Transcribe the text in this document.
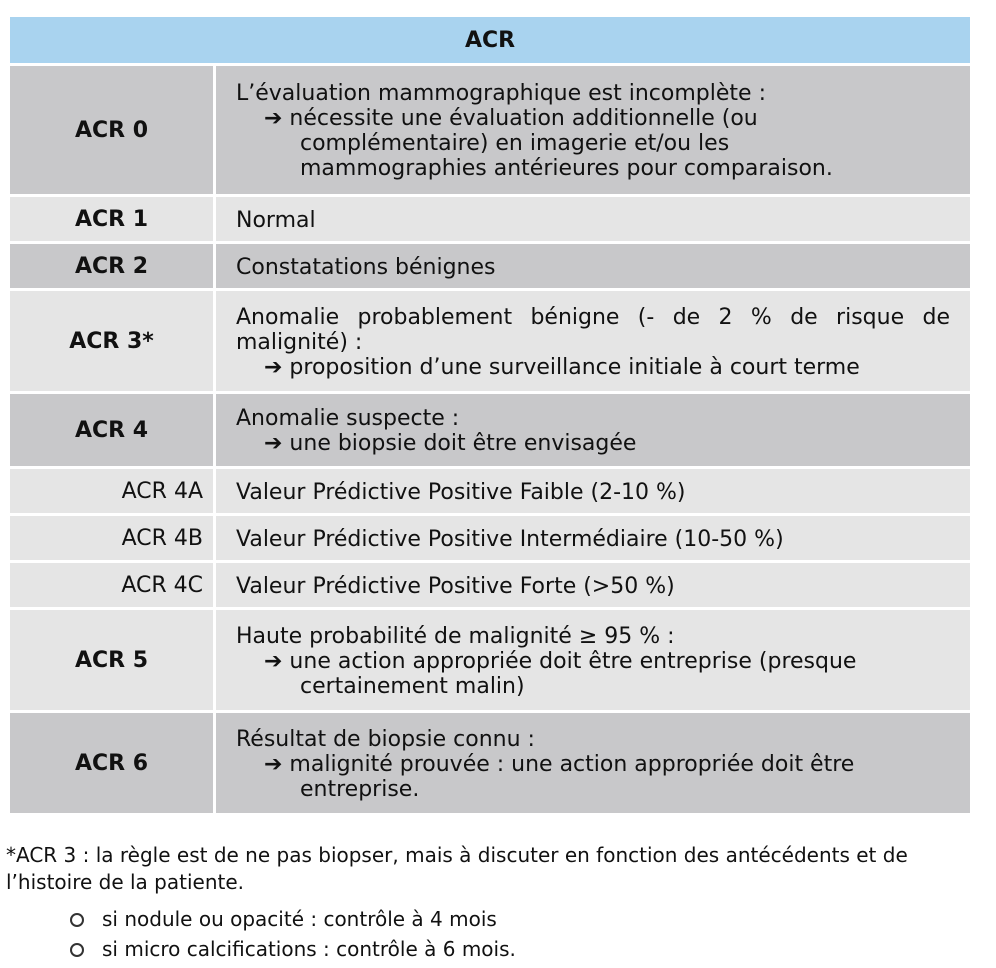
ACR	
ACR 0	L’évaluation mammographique est incomplète :
➔ nécessite une évaluation additionnelle (ou
complémentaire) en imagerie et/ou les
mammographies antérieures pour comparaison.

ACR 1	Normal

ACR 2	Constatations bénignes

ACR 3*	Anomalie probablement bénigne (- de 2 % de risque de
malignité) :
➔ proposition d’une surveillance initiale à court terme

ACR 4	Anomalie suspecte :
➔ une biopsie doit être envisagée

ACR 4A	Valeur Prédictive Positive Faible (2-10 %)

ACR 4B	Valeur Prédictive Positive Intermédiaire (10-50 %)

ACR 4C	Valeur Prédictive Positive Forte (>50 %)

ACR 5	Haute probabilité de malignité ≥ 95 % :
➔ une action appropriée doit être entreprise (presque
certainement malin)

ACR 6	Résultat de biopsie connu :
➔ malignité prouvée : une action appropriée doit être
entreprise.
*ACR 3 : la règle est de ne pas biopser, mais à discuter en fonction des antécédents et de l’histoire de la patiente.
si nodule ou opacité : contrôle à 4 mois
si micro calcifications : contrôle à 6 mois.
